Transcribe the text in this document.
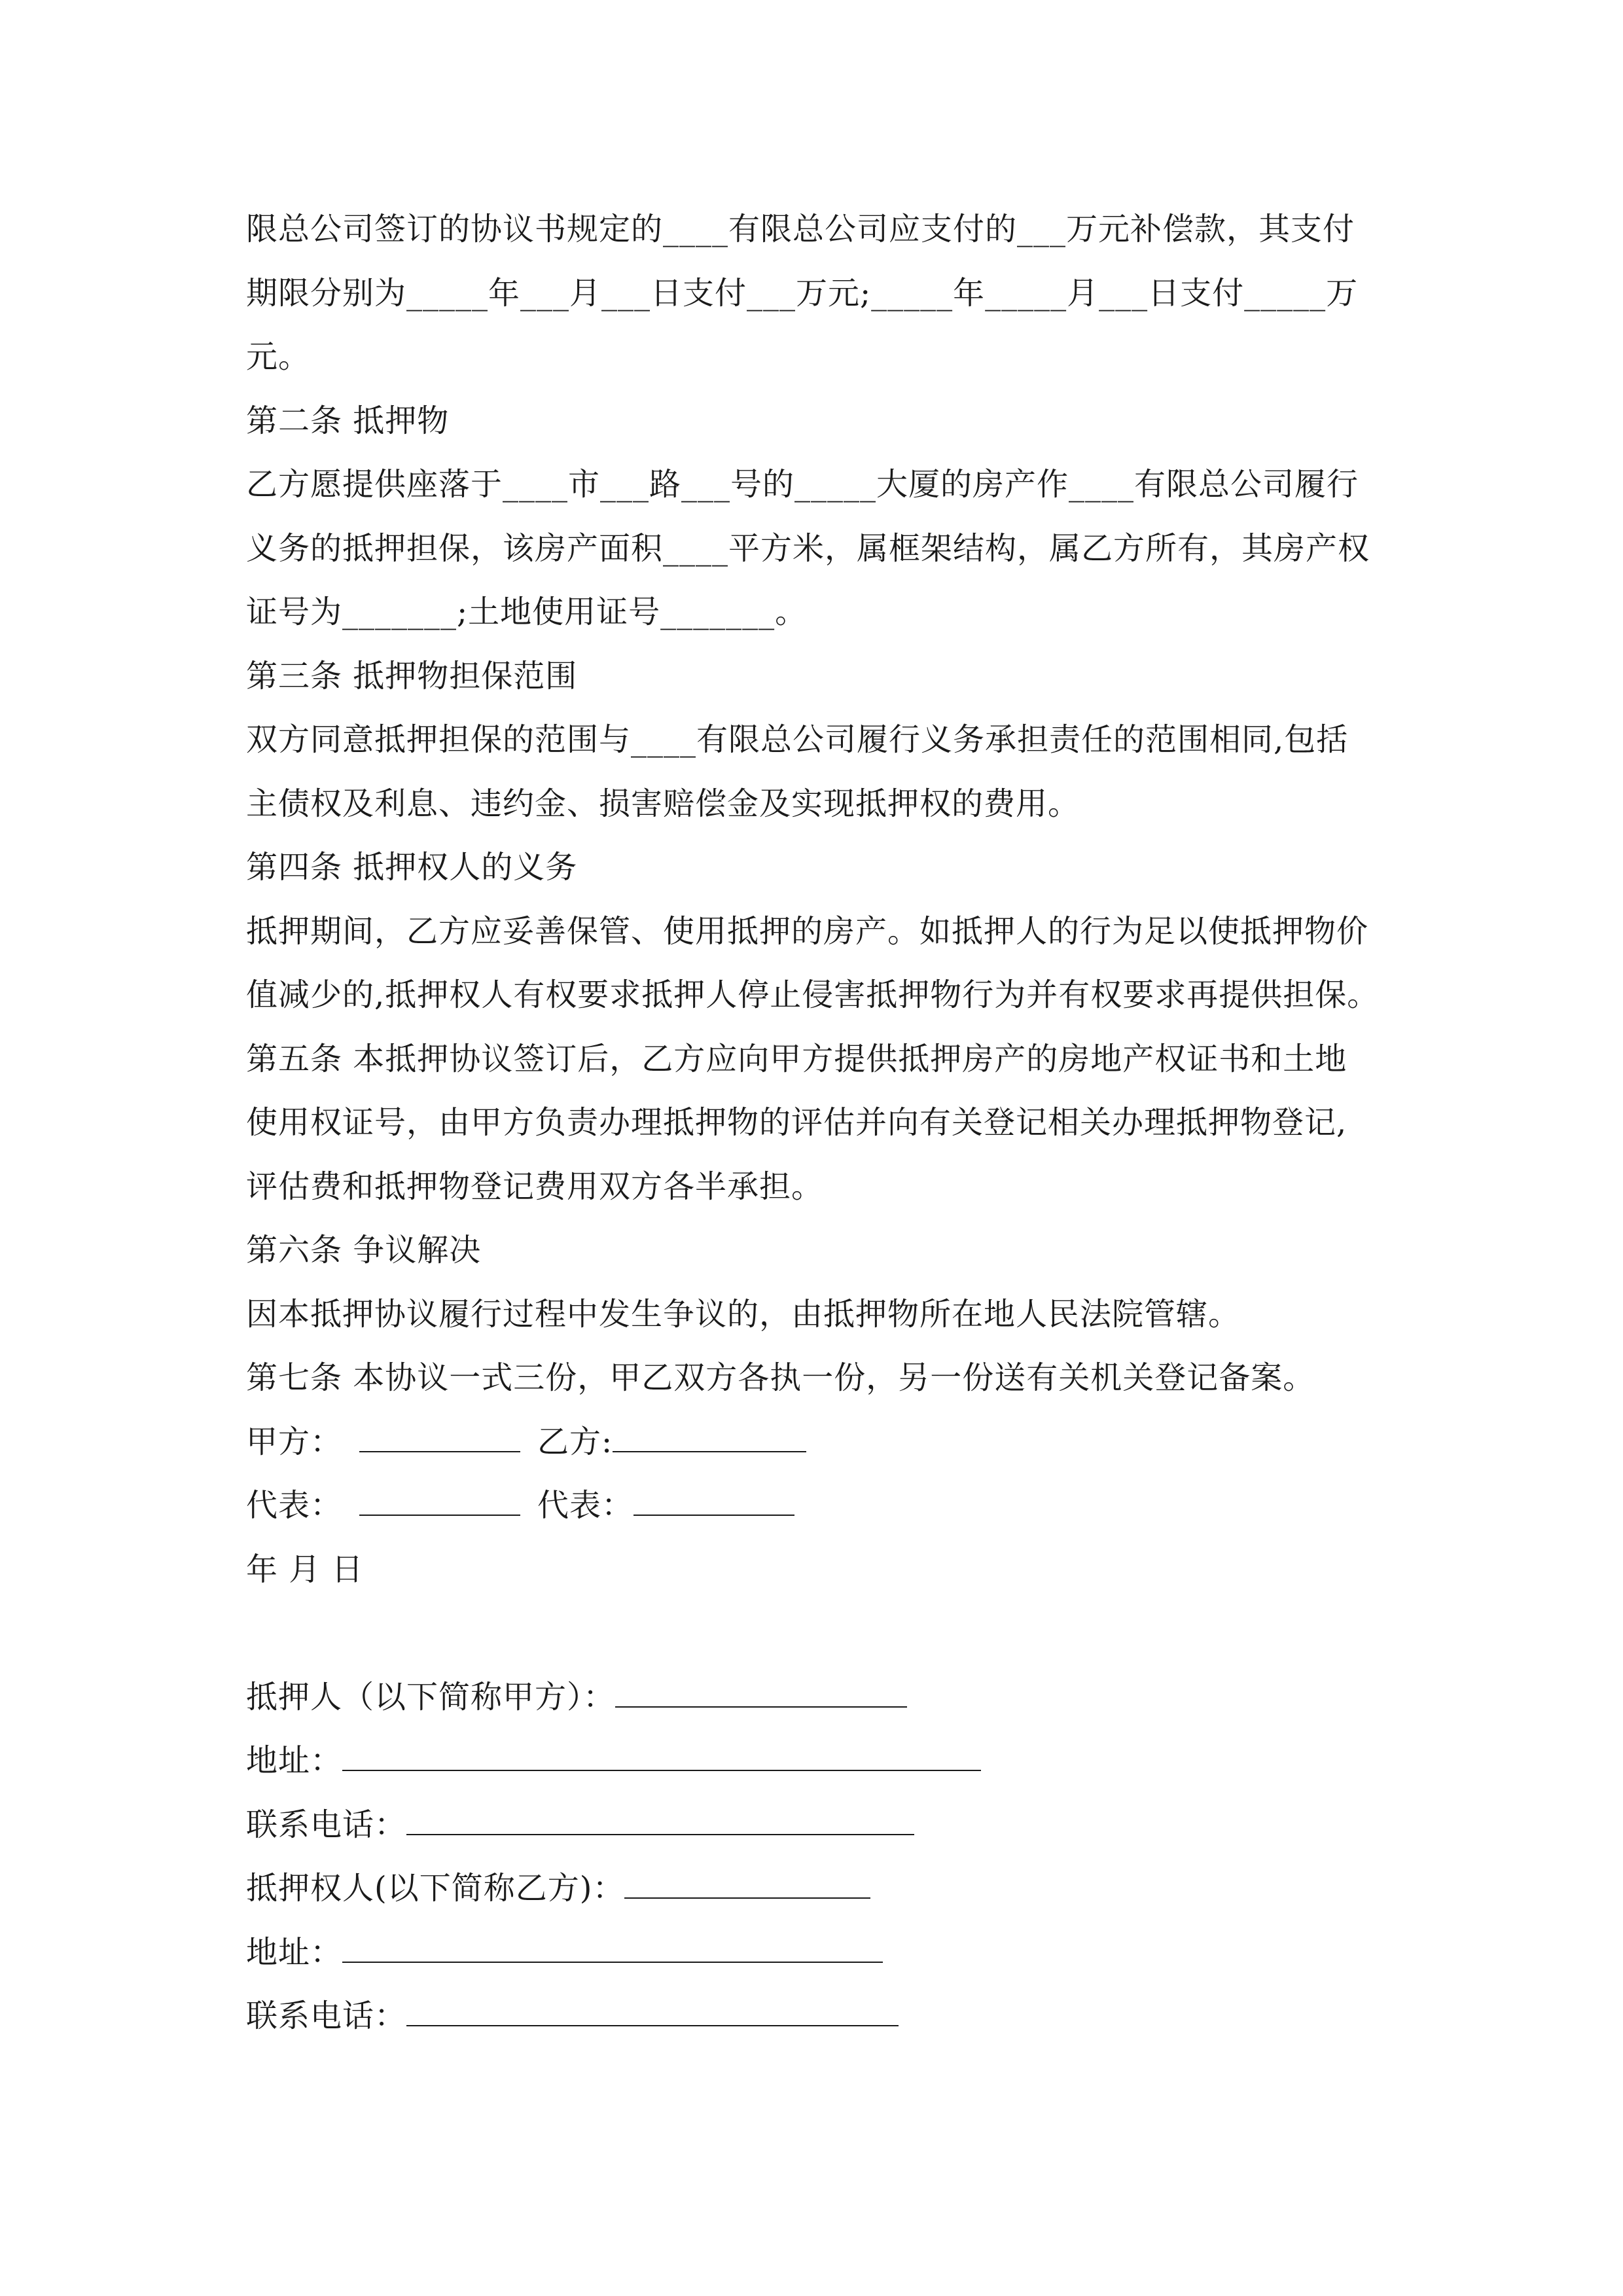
限总公司签订的协议书规定的____有限总公司应支付的___万元补偿款，其支付
期限分别为_____年___月___日支付___万元;_____年_____月___日支付_____万
元。
第二条 抵押物
乙方愿提供座落于____市___路___号的_____大厦的房产作____有限总公司履行
义务的抵押担保，该房产面积____平方米，属框架结构，属乙方所有，其房产权
证号为_______;土地使用证号_______。
第三条 抵押物担保范围
双方同意抵押担保的范围与____有限总公司履行义务承担责任的范围相同,包括
主债权及利息、违约金、损害赔偿金及实现抵押权的费用。
第四条 抵押权人的义务
抵押期间，乙方应妥善保管、使用抵押的房产。如抵押人的行为足以使抵押物价
值减少的,抵押权人有权要求抵押人停止侵害抵押物行为并有权要求再提供担保。
第五条 本抵押协议签订后，乙方应向甲方提供抵押房产的房地产权证书和土地
使用权证号，由甲方负责办理抵押物的评估并向有关登记相关办理抵押物登记,
评估费和抵押物登记费用双方各半承担。
第六条 争议解决
因本抵押协议履行过程中发生争议的，由抵押物所在地人民法院管辖。
第七条 本协议一式三份，甲乙双方各执一份，另一份送有关机关登记备案。
甲方：	乙方:
代表：	代表：
年 月 日
抵押人（以下简称甲方）：
地址：
联系电话：
抵押权人(以下简称乙方)：
地址：
联系电话：
